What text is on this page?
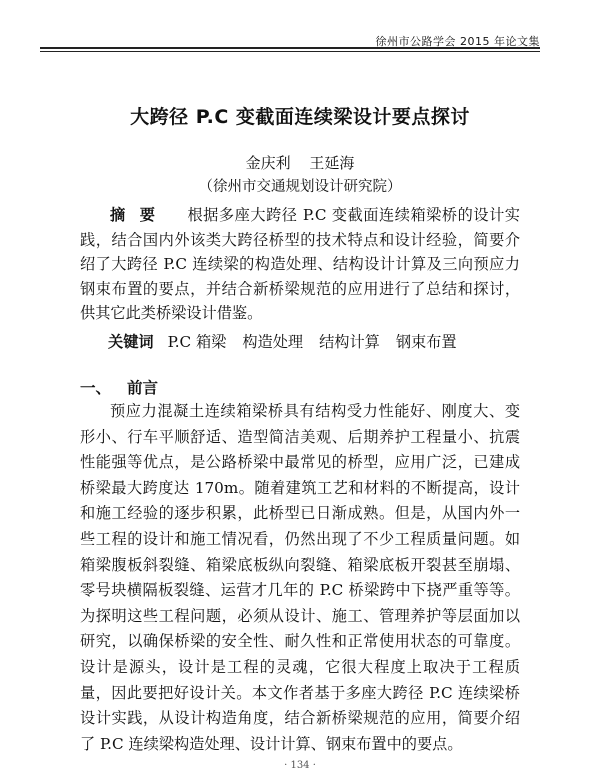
徐州市公路学会 2015 年论文集
大跨径 P.C 变截面连续梁设计要点探讨
金庆利 王延海
（徐州市交通规划设计研究院）
摘要 根据多座大跨径 P.C 变截面连续箱梁桥的设计实践，结合国内外该类大跨径桥型的技术特点和设计经验，简要介绍了大跨径 P.C 连续梁的构造处理、结构设计计算及三向预应力钢束布置的要点，并结合新桥梁规范的应用进行了总结和探讨，供其它此类桥梁设计借鉴。
关键词 P.C 箱梁 构造处理 结构计算 钢束布置
一、 前言
预应力混凝土连续箱梁桥具有结构受力性能好、刚度大、变形小、行车平顺舒适、造型简洁美观、后期养护工程量小、抗震性能强等优点，是公路桥梁中最常见的桥型，应用广泛，已建成桥梁最大跨度达 170m。随着建筑工艺和材料的不断提高，设计和施工经验的逐步积累，此桥型已日渐成熟。但是，从国内外一些工程的设计和施工情况看，仍然出现了不少工程质量问题。如箱梁腹板斜裂缝、箱梁底板纵向裂缝、箱梁底板开裂甚至崩塌、零号块横隔板裂缝、运营才几年的 P.C 桥梁跨中下挠严重等等。为探明这些工程问题，必须从设计、施工、管理养护等层面加以研究，以确保桥梁的安全性、耐久性和正常使用状态的可靠度。设计是源头，设计是工程的灵魂，它很大程度上取决于工程质量，因此要把好设计关。本文作者基于多座大跨径 P.C 连续梁桥设计实践，从设计构造角度，结合新桥梁规范的应用，简要介绍了 P.C 连续梁构造处理、设计计算、钢束布置中的要点。
· 134 ·
